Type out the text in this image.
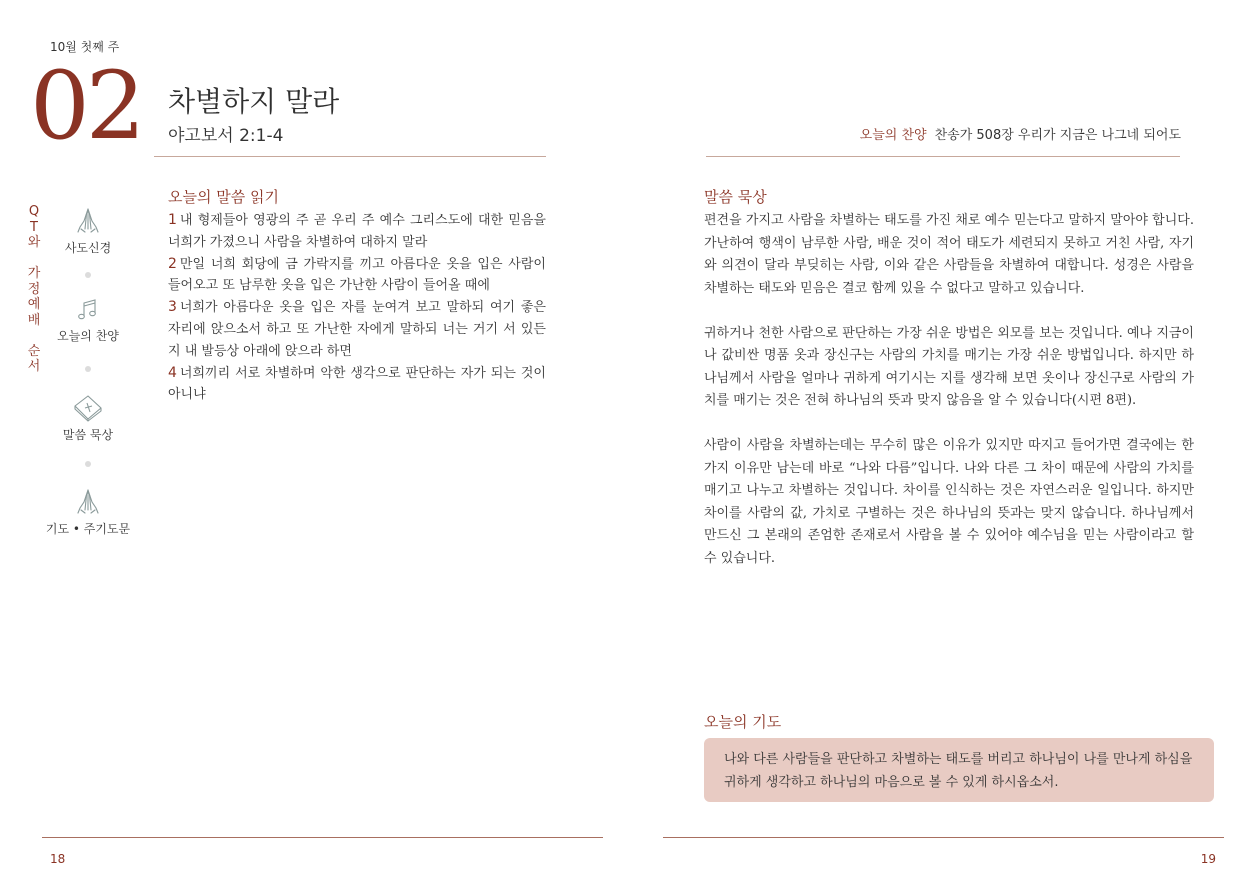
10월 첫째 주
02 차별하지 말라
야고보서 2:1-4	오늘의 찬양 찬송가 508장 우리가 지금은 나그네 되어도
Q
T
와
가
정
예
배
순
서
사도신경
오늘의 찬양
말씀 묵상
기도 • 주기도문
오늘의 말씀 읽기
1 내 형제들아 영광의 주 곧 우리 주 예수 그리스도에 대한 믿음을 너희가 가졌으니 사람을 차별하여 대하지 말라
2 만일 너희 회당에 금 가락지를 끼고 아름다운 옷을 입은 사람이 들어오고 또 남루한 옷을 입은 가난한 사람이 들어올 때에
3 너희가 아름다운 옷을 입은 자를 눈여겨 보고 말하되 여기 좋은 자리에 앉으소서 하고 또 가난한 자에게 말하되 너는 거기 서 있든지 내 발등상 아래에 앉으라 하면
4 너희끼리 서로 차별하며 악한 생각으로 판단하는 자가 되는 것이 아니냐
말씀 묵상

편견을 가지고 사람을 차별하는 태도를 가진 채로 예수 믿는다고 말하지 말아야 합니다. 가난하여 행색이 남루한 사람, 배운 것이 적어 태도가 세련되지 못하고 거친 사람, 자기와 의견이 달라 부딪히는 사람, 이와 같은 사람들을 차별하여 대합니다. 성경은 사람을 차별하는 태도와 믿음은 결코 함께 있을 수 없다고 말하고 있습니다.

귀하거나 천한 사람으로 판단하는 가장 쉬운 방법은 외모를 보는 것입니다. 예나 지금이나 값비싼 명품 옷과 장신구는 사람의 가치를 매기는 가장 쉬운 방법입니다. 하지만 하나님께서 사람을 얼마나 귀하게 여기시는 지를 생각해 보면 옷이나 장신구로 사람의 가치를 매기는 것은 전혀 하나님의 뜻과 맞지 않음을 알 수 있습니다(시편 8편).

사람이 사람을 차별하는데는 무수히 많은 이유가 있지만 따지고 들어가면 결국에는 한 가지 이유만 남는데 바로 “나와 다름”입니다. 나와 다른 그 차이 때문에 사람의 가치를 매기고 나누고 차별하는 것입니다. 차이를 인식하는 것은 자연스러운 일입니다. 하지만 차이를 사람의 값, 가치로 구별하는 것은 하나님의 뜻과는 맞지 않습니다. 하나님께서 만드신 그 본래의 존엄한 존재로서 사람을 볼 수 있어야 예수님을 믿는 사람이라고 할 수 있습니다.

오늘의 기도
나와 다른 사람들을 판단하고 차별하는 태도를 버리고 하나님이 나를 만나게 하심을 귀하게 생각하고 하나님의 마음으로 볼 수 있게 하시옵소서.
18	19
